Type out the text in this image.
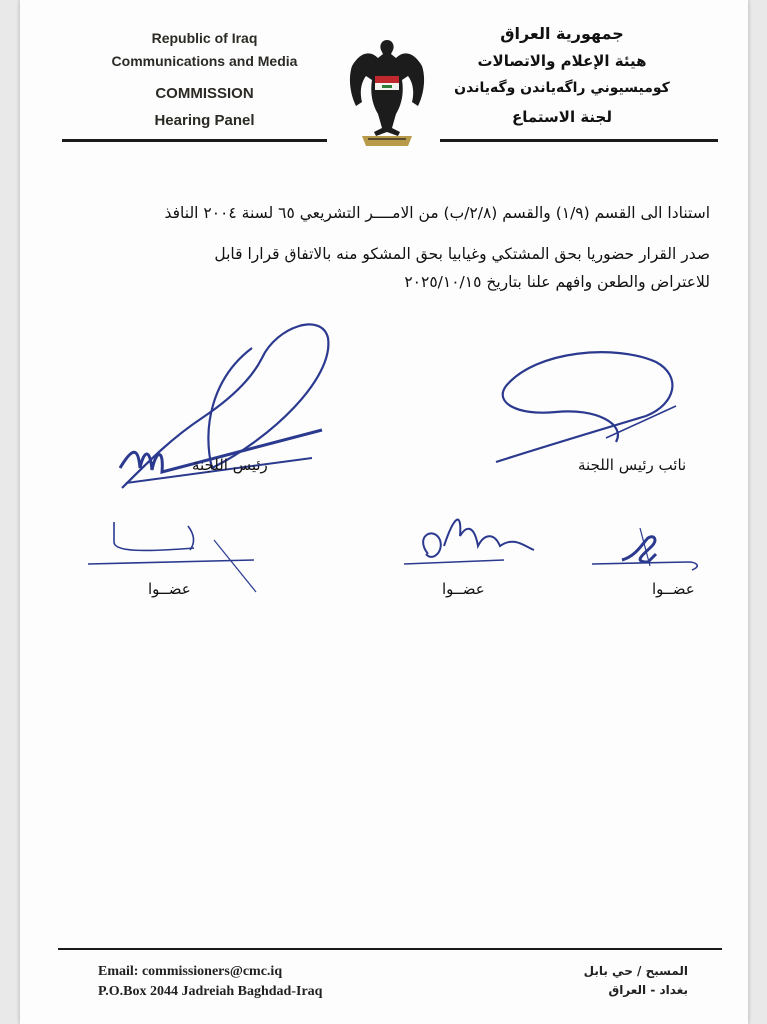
Republic of Iraq
Communications and Media
COMMISSION
Hearing Panel
جمهورية العراق
هيئة الإعلام والاتصالات
كوميسيوني راگەياندن وگەياندن
لجنة الاستماع
استنادا الى القسم (١/٩) والقسم (٢/٨/ب) من الامــــر التشريعي ٦٥ لسنة ٢٠٠٤ النافذ
صدر القرار حضوريا بحق المشتكي وغيابيا بحق المشكو منه بالاتفاق قرارا قابل
للاعتراض والطعن وافهم علنا بتاريخ ٢٠٢٥/١٠/١٥
رئيس اللجنة	نائب رئيس اللجنة
عضــوا	عضــوا	عضــوا
Email: commissioners@cmc.iq
P.O.Box 2044 Jadreiah Baghdad-Iraq
المسبح / حي بابل
بغداد - العراق
